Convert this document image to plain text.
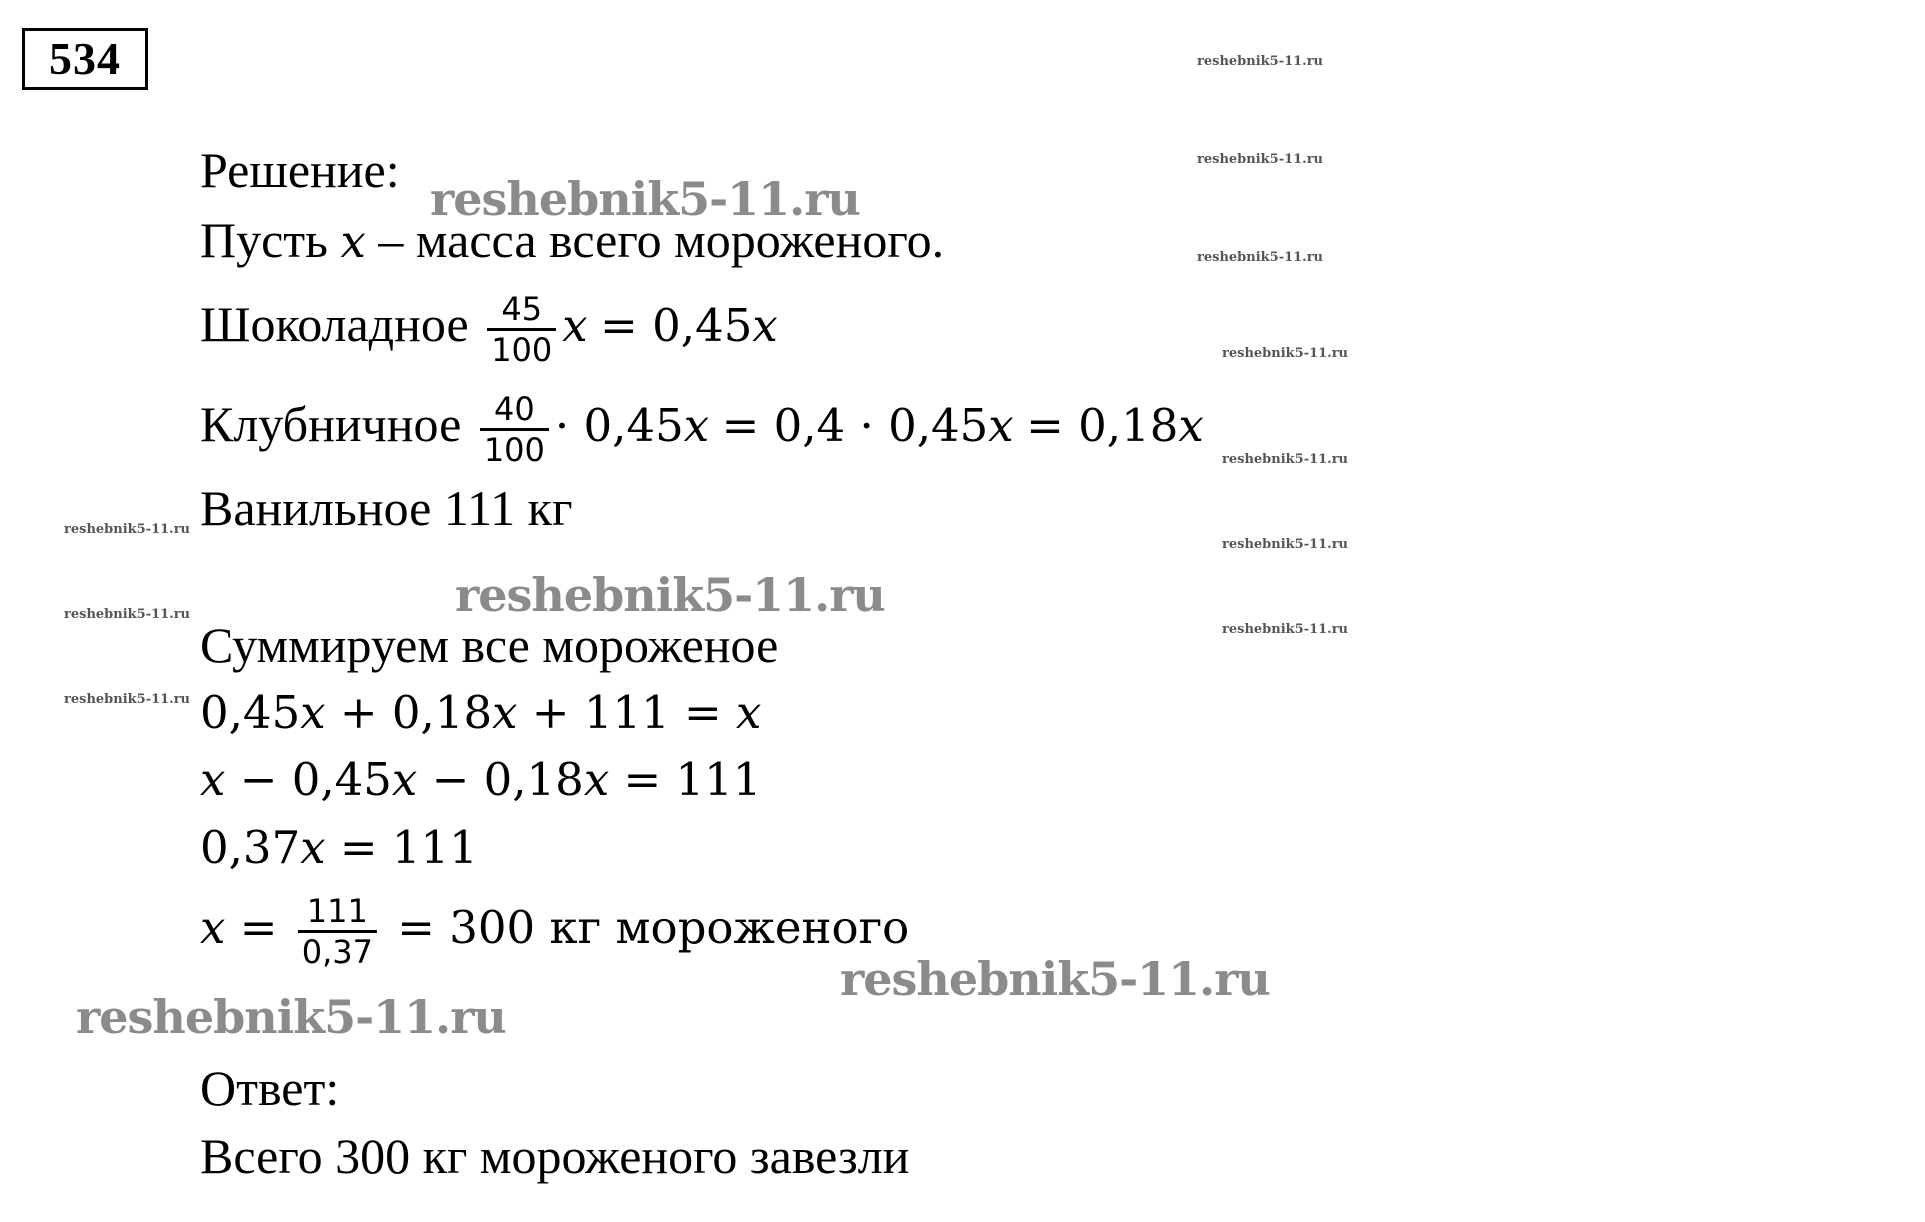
534	reshebnik5-11.ru
reshebnik5-11.ru
reshebnik5-11.ru
reshebnik5-11.ru
reshebnik5-11.ru
reshebnik5-11.ru
reshebnik5-11.ru
reshebnik5-11.ru
reshebnik5-11.ru
reshebnik5-11.ru
Решение:
Пусть x – масса всего мороженого.
Шоколадное $\frac{45}{100}$ x = 0,45x
Клубничное $\frac{40}{100} \cdot 0,45x = 0,4 \cdot 0,45x = 0,18x$
Ванильное 111 кг
Суммируем все мороженое
0,45x + 0,18x + 111 = x
x − 0,45x − 0,18x = 111
0,37x = 111
$x = \frac{111}{0,37} = 300$ кг мороженого
Ответ:
Всего 300 кг мороженого завезли
reshebnik5-11.ru
reshebnik5-11.ru
reshebnik5-11.ru
reshebnik5-11.ru
